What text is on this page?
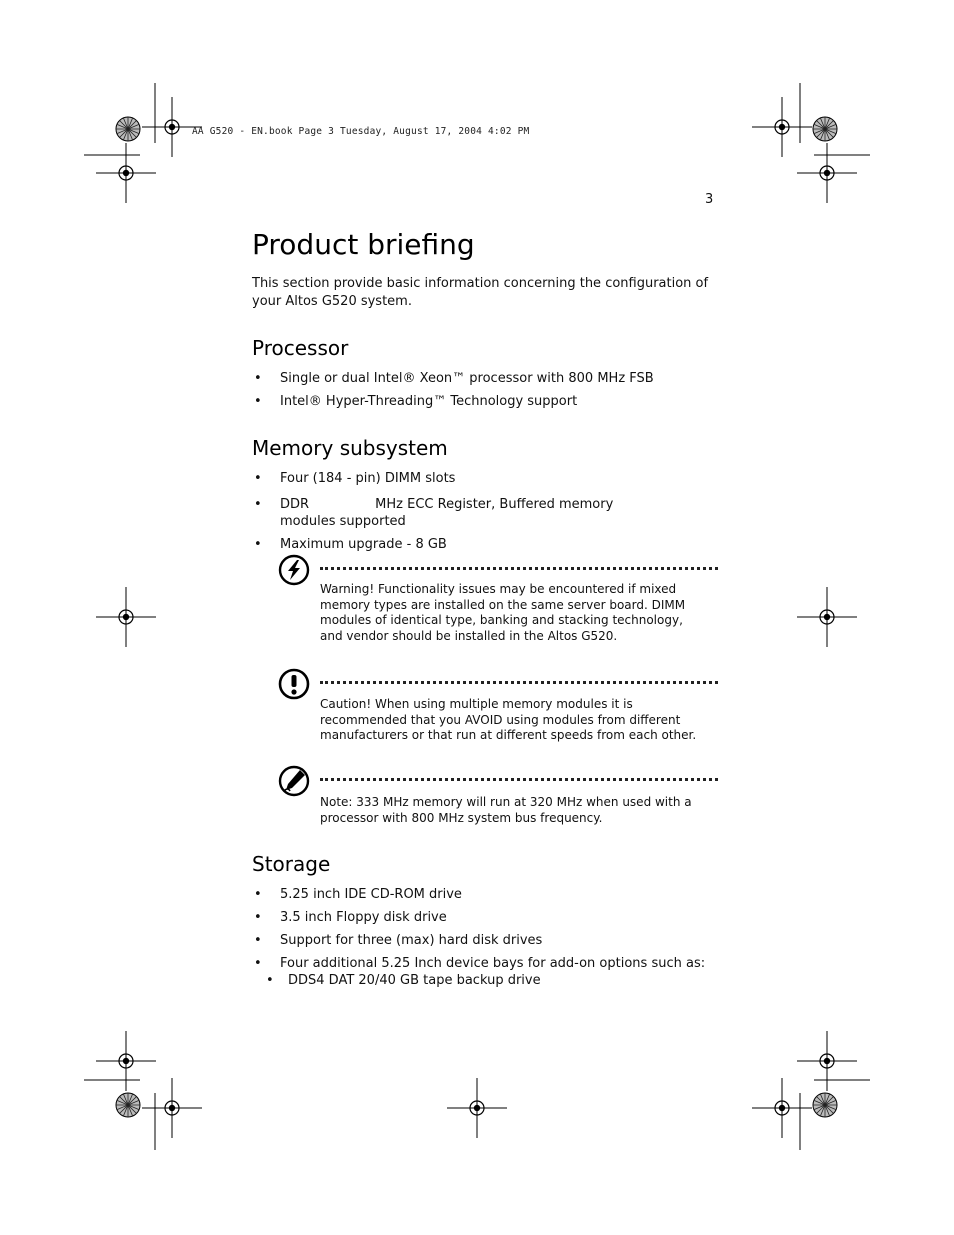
AA G520 - EN.book Page 3 Tuesday, August 17, 2004 4:02 PM
3
Product briefing

This section provide basic information concerning the configuration of your Altos G520 system.

Processor
• Single or dual Intel® Xeon™ processor with 800 MHz FSB
• Intel® Hyper-Threading™ Technology support
Memory subsystem
• Four (184 - pin) DIMM slots
• DDR                MHz ECC Register, Buffered memory modules supported
• Maximum upgrade - 8 GB
Warning! Functionality issues may be encountered if mixed memory types are installed on the same server board. DIMM modules of identical type, banking and stacking technology, and vendor should be installed in the Altos G520.
Caution! When using multiple memory modules it is recommended that you AVOID using modules from different manufacturers or that run at different speeds from each other.
Note: 333 MHz memory will run at 320 MHz when used with a processor with 800 MHz system bus frequency.
Storage
• 5.25 inch IDE CD-ROM drive
• 3.5 inch Floppy disk drive
• Support for three (max) hard disk drives
• Four additional 5.25 Inch device bays for add-on options such as:
• DDS4 DAT 20/40 GB tape backup drive
